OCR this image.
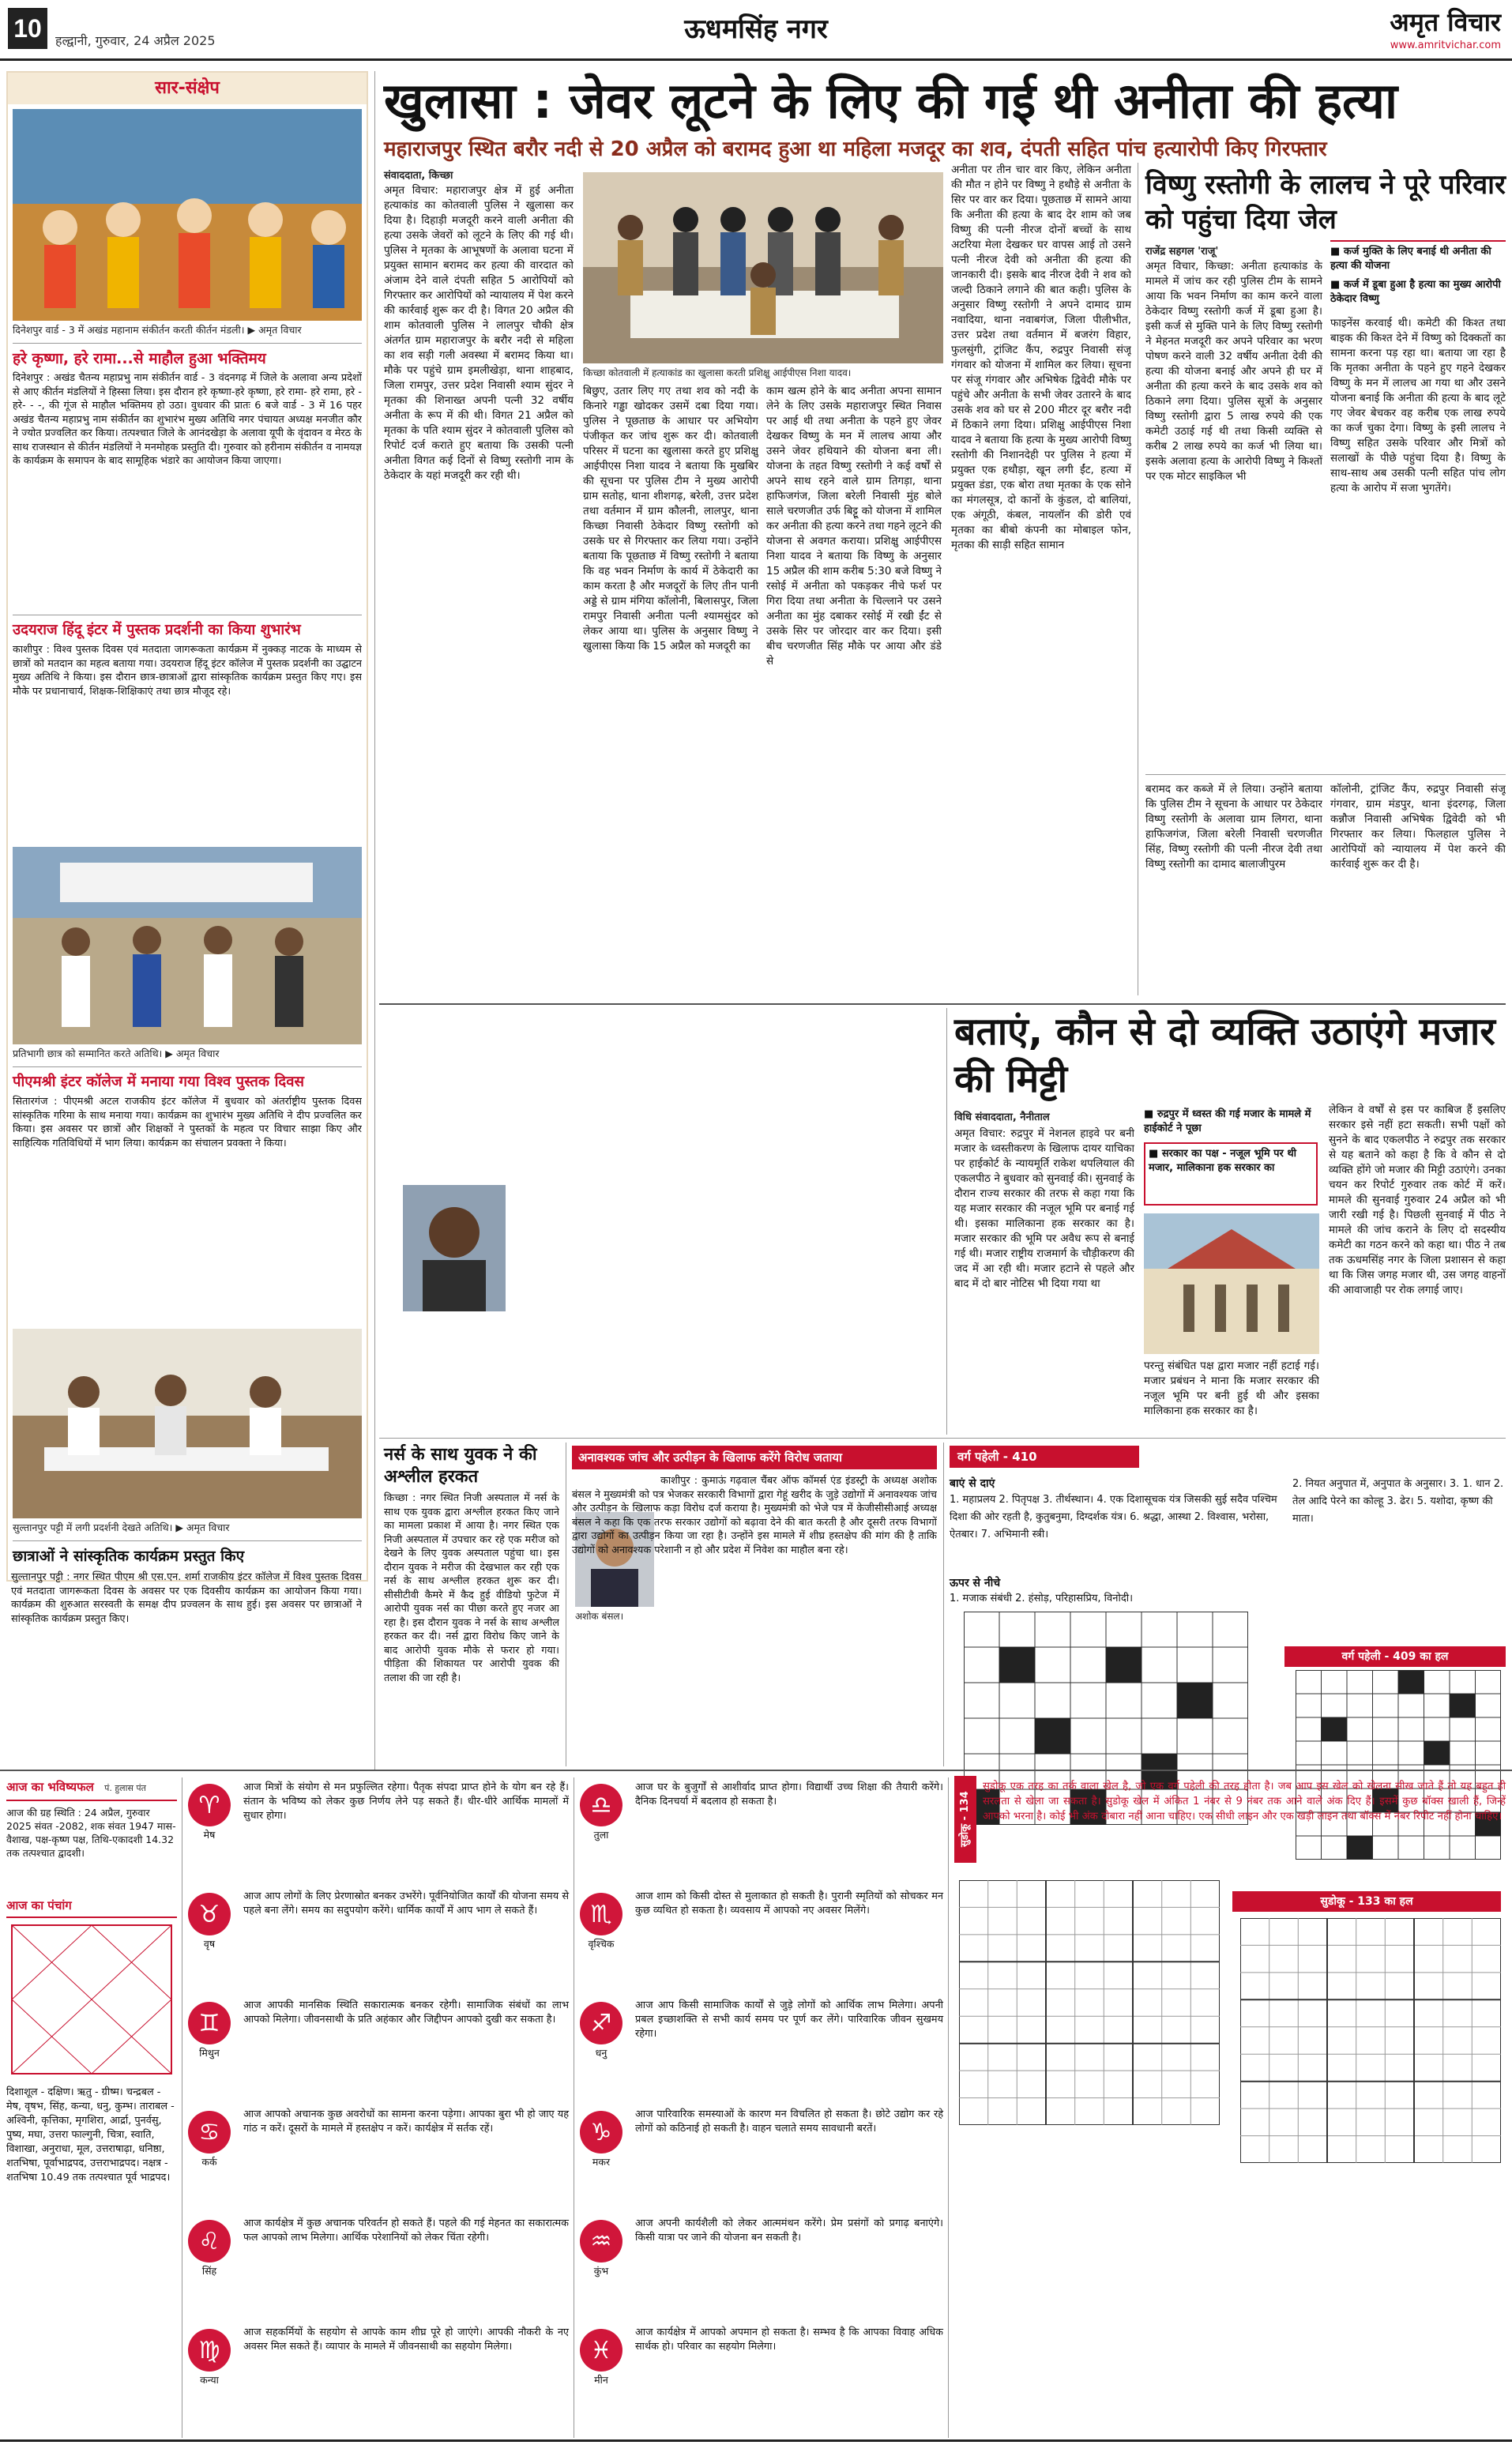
10	हल्द्वानी, गुरुवार, 24 अप्रैल 2025	ऊधमसिंह नगर	अमृत विचार
www.amritvichar.com
सार-संक्षेप
दिनेशपुर वार्ड - 3 में अखंड महानाम संकीर्तन करती कीर्तन मंडली। ▶ अमृत विचार
हरे कृष्णा, हरे रामा...से माहौल हुआ भक्तिमय

दिनेशपुर : अखंड चैतन्य महाप्रभु नाम संकीर्तन वार्ड - 3 वंदनगढ़ में जिले के अलावा अन्य प्रदेशों से आए कीर्तन मंडलियों ने हिस्सा लिया। इस दौरान हरे कृष्णा-हरे कृष्णा, हरे रामा- हरे रामा, हरे - हरे- - -, की गूंज से माहौल भक्तिमय हो उठा। वुधवार की प्रातः 6 बजे वार्ड - 3 में 16 पहर अखंड चैतन्य महाप्रभु नाम संकीर्तन का शुभारंभ मुख्य अतिथि नगर पंचायत अध्यक्ष मनजीत कौर ने ज्योत प्रज्वलित कर किया। तत्पश्चात जिले के आनंदखेड़ा के अलावा यूपी के वृंदावन व मेरठ के साथ राजस्थान से कीर्तन मंडलियों ने मनमोहक प्रस्तुति दी। गुरुवार को हरीनाम संकीर्तन व नामयज्ञ के कार्यक्रम के समापन के बाद सामूहिक भंडारे का आयोजन किया जाएगा।

उदयराज हिंदू इंटर में पुस्तक प्रदर्शनी का किया शुभारंभ

काशीपुर : विश्व पुस्तक दिवस एवं मतदाता जागरूकता कार्यक्रम में नुक्कड़ नाटक के माध्यम से छात्रों को मतदान का महत्व बताया गया। उदयराज हिंदू इंटर कॉलेज में पुस्तक प्रदर्शनी का उद्घाटन मुख्य अतिथि ने किया। इस दौरान छात्र-छात्राओं द्वारा सांस्कृतिक कार्यक्रम प्रस्तुत किए गए। इस मौके पर प्रधानाचार्य, शिक्षक-शिक्षिकाएं तथा छात्र मौजूद रहे।

प्रतिभागी छात्र को सम्मानित करते अतिथि। ▶ अमृत विचार
पीएमश्री इंटर कॉलेज में मनाया गया विश्व पुस्तक दिवस

सितारगंज : पीएमश्री अटल राजकीय इंटर कॉलेज में बुधवार को अंतर्राष्ट्रीय पुस्तक दिवस सांस्कृतिक गरिमा के साथ मनाया गया। कार्यक्रम का शुभारंभ मुख्य अतिथि ने दीप प्रज्वलित कर किया। इस अवसर पर छात्रों और शिक्षकों ने पुस्तकों के महत्व पर विचार साझा किए और साहित्यिक गतिविधियों में भाग लिया। कार्यक्रम का संचालन प्रवक्ता ने किया।

सुल्तानपुर पट्टी में लगी प्रदर्शनी देखते अतिथि। ▶ अमृत विचार
छात्राओं ने सांस्कृतिक कार्यक्रम प्रस्तुत किए

सुल्तानपुर पट्टी : नगर स्थित पीएम श्री एस.एन. शर्मा राजकीय इंटर कॉलेज में विश्व पुस्तक दिवस एवं मतदाता जागरूकता दिवस के अवसर पर एक दिवसीय कार्यक्रम का आयोजन किया गया। कार्यक्रम की शुरुआत सरस्वती के समक्ष दीप प्रज्वलन के साथ हुई। इस अवसर पर छात्राओं ने सांस्कृतिक कार्यक्रम प्रस्तुत किए।

खुलासा : जेवर लूटने के लिए की गई थी अनीता की हत्या
महाराजपुर स्थित बरौर नदी से 20 अप्रैल को बरामद हुआ था महिला मजदूर का शव, दंपती सहित पांच हत्यारोपी किए गिरफ्तार
संवाददाता, किच्छा
किच्छा कोतवाली में हत्याकांड का खुलासा करती प्रशिक्षु आईपीएस निशा यादव।

अमृत विचार: महाराजपुर क्षेत्र में हुई अनीता हत्याकांड का कोतवाली पुलिस ने खुलासा कर दिया है। दिहाड़ी मजदूरी करने वाली अनीता की हत्या उसके जेवरों को लूटने के लिए की गई थी। पुलिस ने मृतका के आभूषणों के अलावा घटना में प्रयुक्त सामान बरामद कर हत्या की वारदात को अंजाम देने वाले दंपती सहित 5 आरोपियों को गिरफ्तार कर आरोपियों को न्यायालय में पेश करने की कार्रवाई शुरू कर दी है। विगत 20 अप्रैल की शाम कोतवाली पुलिस ने लालपुर चौकी क्षेत्र अंतर्गत ग्राम महाराजपुर के बरौर नदी से महिला का शव सड़ी गली अवस्था में बरामद किया था। मौके पर पहुंचे ग्राम इमलीखेड़ा, थाना शाहबाद, जिला रामपुर, उत्तर प्रदेश निवासी श्याम सुंदर ने मृतका की शिनाख्त अपनी पत्नी 32 वर्षीय अनीता के रूप में की थी। विगत 21 अप्रैल को मृतका के पति श्याम सुंदर ने कोतवाली पुलिस को रिपोर्ट दर्ज कराते हुए बताया कि उसकी पत्नी अनीता विगत कई दिनों से विष्णु रस्तोगी नाम के ठेकेदार के यहां मजदूरी कर रही थी।

बिछुए, उतार लिए गए तथा शव को नदी के किनारे गड्ढा खोदकर उसमें दबा दिया गया। पुलिस ने पूछताछ के आधार पर अभियोग पंजीकृत कर जांच शुरू कर दी। कोतवाली परिसर में घटना का खुलासा करते हुए प्रशिक्षु आईपीएस निशा यादव ने बताया कि मुखबिर की सूचना पर पुलिस टीम ने मुख्य आरोपी ग्राम सतोह, थाना शीशगढ़, बरेली, उत्तर प्रदेश तथा वर्तमान में ग्राम कौलनी, लालपुर, थाना किच्छा निवासी ठेकेदार विष्णु रस्तोगी को उसके घर से गिरफ्तार कर लिया गया। उन्होंने बताया कि पूछताछ में विष्णु रस्तोगी ने बताया कि वह भवन निर्माण के कार्य में ठेकेदारी का काम करता है और मजदूरों के लिए तीन पानी अड्डे से ग्राम मंगिया कॉलोनी, बिलासपुर, जिला रामपुर निवासी अनीता पत्नी श्यामसुंदर को लेकर आया था। पुलिस के अनुसार विष्णु ने खुलासा किया कि 15 अप्रैल को मजदूरी का

काम खत्म होने के बाद अनीता अपना सामान लेने के लिए उसके महाराजपुर स्थित निवास पर आई थी तथा अनीता के पहने हुए जेवर देखकर विष्णु के मन में लालच आया और उसने जेवर हथियाने की योजना बना ली। योजना के तहत विष्णु रस्तोगी ने कई वर्षों से अपने साथ रहने वाले ग्राम तिगड़ा, थाना हाफिजगंज, जिला बरेली निवासी मुंह बोले साले चरणजीत उर्फ बिट्टू को योजना में शामिल कर अनीता की हत्या करने तथा गहने लूटने की योजना से अवगत कराया। प्रशिक्षु आईपीएस निशा यादव ने बताया कि विष्णु के अनुसार 15 अप्रैल की शाम करीब 5:30 बजे विष्णु ने रसोई में अनीता को पकड़कर नीचे फर्श पर गिरा दिया तथा अनीता के चिल्लाने पर उसने अनीता का मुंह दबाकर रसोई में रखी ईंट से उसके सिर पर जोरदार वार कर दिया। इसी बीच चरणजीत सिंह मौके पर आया और डंडे से

अनीता पर तीन चार वार किए, लेकिन अनीता की मौत न होने पर विष्णु ने हथौड़े से अनीता के सिर पर वार कर दिया। पूछताछ में सामने आया कि अनीता की हत्या के बाद देर शाम को जब विष्णु की पत्नी नीरज दोनों बच्चों के साथ अटरिया मेला देखकर घर वापस आई तो उसने पत्नी नीरज देवी को अनीता की हत्या की जानकारी दी। इसके बाद नीरज देवी ने शव को जल्दी ठिकाने लगाने की बात कही। पुलिस के अनुसार विष्णु रस्तोगी ने अपने दामाद ग्राम नवादिया, थाना नवाबगंज, जिला पीलीभीत, उत्तर प्रदेश तथा वर्तमान में बजरंग विहार, फुलसुंगी, ट्रांजिट कैंप, रुद्रपुर निवासी संजू गंगवार को योजना में शामिल कर लिया। सूचना पर संजू गंगवार और अभिषेक द्विवेदी मौके पर पहुंचे और अनीता के सभी जेवर उतारने के बाद उसके शव को घर से 200 मीटर दूर बरौर नदी में ठिकाने लगा दिया। प्रशिक्षु आईपीएस निशा यादव ने बताया कि हत्या के मुख्य आरोपी विष्णु रस्तोगी की निशानदेही पर पुलिस ने हत्या में प्रयुक्त एक हथौड़ा, खून लगी ईंट, हत्या में प्रयुक्त डंडा, एक बोरा तथा मृतका के एक सोने का मंगलसूत्र, दो कानों के कुंडल, दो बालियां, एक अंगूठी, कंबल, नायलॉन की डोरी एवं मृतका का बीबो कंपनी का मोबाइल फोन, मृतका की साड़ी सहित सामान

विष्णु रस्तोगी के लालच ने पूरे परिवार को पहुंचा दिया जेल
राजेंद्र सहगल 'राजू'	■ कर्ज मुक्ति के लिए बनाई थी अनीता की हत्या की योजना
■ कर्ज में डूबा हुआ है हत्या का मुख्य आरोपी ठेकेदार विष्णु

अमृत विचार, किच्छा: अनीता हत्याकांड के मामले में जांच कर रही पुलिस टीम के सामने आया कि भवन निर्माण का काम करने वाला ठेकेदार विष्णु रस्तोगी कर्ज में डूबा हुआ है। इसी कर्ज से मुक्ति पाने के लिए विष्णु रस्तोगी ने मेहनत मजदूरी कर अपने परिवार का भरण पोषण करने वाली 32 वर्षीय अनीता देवी की हत्या की योजना बनाई और अपने ही घर में अनीता की हत्या करने के बाद उसके शव को ठिकाने लगा दिया। पुलिस सूत्रों के अनुसार विष्णु रस्तोगी द्वारा 5 लाख रुपये की एक कमेटी उठाई गई थी तथा किसी व्यक्ति से करीब 2 लाख रुपये का कर्ज भी लिया था। इसके अलावा हत्या के आरोपी विष्णु ने किश्तों पर एक मोटर साइकिल भी

फाइनेंस करवाई थी। कमेटी की किश्त तथा बाइक की किश्त देने में विष्णु को दिक्कतों का सामना करना पड़ रहा था। बताया जा रहा है कि मृतका अनीता के पहने हुए गहने देखकर विष्णु के मन में लालच आ गया था और उसने योजना बनाई कि अनीता की हत्या के बाद लूटे गए जेवर बेचकर वह करीब एक लाख रुपये का कर्ज चुका देगा। विष्णु के इसी लालच ने विष्णु सहित उसके परिवार और मित्रों को सलाखों के पीछे पहुंचा दिया है। विष्णु के साथ-साथ अब उसकी पत्नी सहित पांच लोग हत्या के आरोप में सजा भुगतेंगे।

बरामद कर कब्जे में ले लिया। उन्होंने बताया कि पुलिस टीम ने सूचना के आधार पर ठेकेदार विष्णु रस्तोगी के अलावा ग्राम लिगरा, थाना हाफिजगंज, जिला बरेली निवासी चरणजीत सिंह, विष्णु रस्तोगी की पत्नी नीरज देवी तथा विष्णु रस्तोगी का दामाद बालाजीपुरम

कॉलोनी, ट्रांजिट कैंप, रुद्रपुर निवासी संजू गंगवार, ग्राम मंडपुर, थाना इंदरगढ़, जिला कन्नौज निवासी अभिषेक द्विवेदी को भी गिरफ्तार कर लिया। फिलहाल पुलिस ने आरोपियों को न्यायालय में पेश करने की कार्रवाई शुरू कर दी है।

बताएं, कौन से दो व्यक्ति उठाएंगे मजार की मिट्टी
विधि संवाददाता, नैनीताल	■ रुद्रपुर में ध्वस्त की गई मजार के मामले में हाईकोर्ट ने पूछा
■ सरकार का पक्ष - नजूल भूमि पर थी मजार, मालिकाना हक सरकार का

अमृत विचार: रुद्रपुर में नेशनल हाइवे पर बनी मजार के ध्वस्तीकरण के खिलाफ दायर याचिका पर हाईकोर्ट के न्यायमूर्ति राकेश थपलियाल की एकलपीठ ने बुधवार को सुनवाई की। सुनवाई के दौरान राज्य सरकार की तरफ से कहा गया कि यह मजार सरकार की नजूल भूमि पर बनाई गई थी। इसका मालिकाना हक सरकार का है। मजार सरकार की भूमि पर अवैध रूप से बनाई गई थी। मजार राष्ट्रीय राजमार्ग के चौड़ीकरण की जद में आ रही थी। मजार हटाने से पहले और बाद में दो बार नोटिस भी दिया गया था

परन्तु संबंधित पक्ष द्वारा मजार नहीं हटाई गई। मजार प्रबंधन ने माना कि मजार सरकार की नजूल भूमि पर बनी हुई थी और इसका मालिकाना हक सरकार का है।

लेकिन वे वर्षों से इस पर काबिज हैं इसलिए सरकार इसे नहीं हटा सकती। सभी पक्षों को सुनने के बाद एकलपीठ ने रुद्रपुर तक सरकार से यह बताने को कहा है कि वे कौन से दो व्यक्ति होंगे जो मजार की मिट्टी उठाएंगे। उनका चयन कर रिपोर्ट गुरुवार तक कोर्ट में करें। मामले की सुनवाई गुरुवार 24 अप्रैल को भी जारी रखी गई है। पिछली सुनवाई में पीठ ने मामले की जांच कराने के लिए दो सदस्यीय कमेटी का गठन करने को कहा था। पीठ ने तब तक ऊधमसिंह नगर के जिला प्रशासन से कहा था कि जिस जगह मजार थी, उस जगह वाहनों की आवाजाही पर रोक लगाई जाए।

नर्स के साथ युवक ने की अश्लील हरकत

किच्छा : नगर स्थित निजी अस्पताल में नर्स के साथ एक युवक द्वारा अश्लील हरकत किए जाने का मामला प्रकाश में आया है। नगर स्थित एक निजी अस्पताल में उपचार कर रहे एक मरीज को देखने के लिए युवक अस्पताल पहुंचा था। इस दौरान युवक ने मरीज की देखभाल कर रही एक नर्स के साथ अश्लील हरकत शुरू कर दी। सीसीटीवी कैमरे में कैद हुई वीडियो फुटेज में आरोपी युवक नर्स का पीछा करते हुए नजर आ रहा है। इस दौरान युवक ने नर्स के साथ अश्लील हरकत कर दी। नर्स द्वारा विरोध किए जाने के बाद आरोपी युवक मौके से फरार हो गया। पीड़िता की शिकायत पर आरोपी युवक की तलाश की जा रही है।

अनावश्यक जांच और उत्पीड़न के खिलाफ करेंगे विरोध जताया
अशोक बंसल।

काशीपुर : कुमाऊं गढ़वाल चैंबर ऑफ कॉमर्स एंड इंडस्ट्री के अध्यक्ष अशोक बंसल ने मुख्यमंत्री को पत्र भेजकर सरकारी विभागों द्वारा गेहूं खरीद के जुड़े उद्योगों में अनावश्यक जांच और उत्पीड़न के खिलाफ कड़ा विरोध दर्ज कराया है। मुख्यमंत्री को भेजे पत्र में केजीसीसीआई अध्यक्ष बंसल ने कहा कि एक तरफ सरकार उद्योगों को बढ़ावा देने की बात करती है और दूसरी तरफ विभागों द्वारा उद्योगों का उत्पीड़न किया जा रहा है। उन्होंने इस मामले में शीघ्र हस्तक्षेप की मांग की है ताकि उद्योगों को अनावश्यक परेशानी न हो और प्रदेश में निवेश का माहौल बना रहे।

वर्ग पहेली - 410
बाएं से दाएं

1. महाप्रलय 2. पितृपक्ष 3. तीर्थस्थान। 4. एक दिशासूचक यंत्र जिसकी सुई सदैव पश्चिम दिशा की ओर रहती है, कुतुबनुमा, दिग्दर्शक यंत्र। 6. श्रद्धा, आस्था 2. विश्वास, भरोसा, ऐतबार। 7. अभिमानी स्त्री।

ऊपर से नीचे

1. मजाक संबंधी 2. हंसोड़, परिहासप्रिय, विनोदी।

2. नियत अनुपात में, अनुपात के अनुसार। 3. 1. धान 2. तेल आदि पेरने का कोल्हू 3. ढेर। 5. यशोदा, कृष्ण की माता।

वर्ग पहेली - 409 का हल
आज का भविष्यफल पं. हुलास पंत

आज की ग्रह स्थिति : 24 अप्रैल, गुरुवार 2025 संवत -2082, शक संवत 1947 मास- वैशाख, पक्ष-कृष्ण पक्ष, तिथि-एकादशी 14.32 तक तत्पश्चात द्वादशी।

आज का पंचांग

दिशाशूल - दक्षिण। ऋतु - ग्रीष्म। चन्द्रबल - मेष, वृषभ, सिंह, कन्या, धनु, कुम्भ। ताराबल - अश्विनी, कृत्तिका, मृगशिरा, आर्द्रा, पुनर्वसु, पुष्य, मघा, उत्तरा फाल्गुनी, चित्रा, स्वाति, विशाखा, अनुराधा, मूल, उत्तराषाढ़ा, धनिष्ठा, शतभिषा, पूर्वाभाद्रपद, उत्तराभाद्रपद। नक्षत्र - शतभिषा 10.49 तक तत्पश्चात पूर्व भाद्रपद।

♈
मेष

आज मित्रों के संयोग से मन प्रफुल्लित रहेगा। पैतृक संपदा प्राप्त होने के योग बन रहे हैं। संतान के भविष्य को लेकर कुछ निर्णय लेने पड़ सकते हैं। धीर-धीरे आर्थिक मामलों में सुधार होगा।

♉
वृष

आज आप लोगों के लिए प्रेरणास्रोत बनकर उभरेंगे। पूर्वनियोजित कार्यों की योजना समय से पहले बना लेंगे। समय का सदुपयोग करेंगे। धार्मिक कार्यों में आप भाग ले सकते हैं।

♊
मिथुन

आज आपकी मानसिक स्थिति सकारात्मक बनकर रहेगी। सामाजिक संबंधों का लाभ आपको मिलेगा। जीवनसाथी के प्रति अहंकार और जिद्दीपन आपको दुखी कर सकता है।

♋
कर्क

आज आपको अचानक कुछ अवरोधों का सामना करना पड़ेगा। आपका बुरा भी हो जाए यह गांठ न करें। दूसरों के मामले में हस्तक्षेप न करें। कार्यक्षेत्र में सर्तक रहें।

♌
सिंह

आज कार्यक्षेत्र में कुछ अचानक परिवर्तन हो सकते हैं। पहले की गई मेहनत का सकारात्मक फल आपको लाभ मिलेगा। आर्थिक परेशानियों को लेकर चिंता रहेगी।

♍
कन्या

आज सहकर्मियों के सहयोग से आपके काम शीघ्र पूरे हो जाएंगे। आपकी नौकरी के नए अवसर मिल सकते हैं। व्यापार के मामले में जीवनसाथी का सहयोग मिलेगा।

♎
तुला

आज घर के बुजुर्गों से आशीर्वाद प्राप्त होगा। विद्यार्थी उच्च शिक्षा की तैयारी करेंगे। दैनिक दिनचर्या में बदलाव हो सकता है।

♏
वृश्चिक

आज शाम को किसी दोस्त से मुलाकात हो सकती है। पुरानी स्मृतियों को सोचकर मन कुछ व्यथित हो सकता है। व्यवसाय में आपको नए अवसर मिलेंगे।

♐
धनु

आज आप किसी सामाजिक कार्यों से जुड़े लोगों को आर्थिक लाभ मिलेगा। अपनी प्रबल इच्छाशक्ति से सभी कार्य समय पर पूर्ण कर लेंगे। पारिवारिक जीवन सुखमय रहेगा।

♑
मकर

आज पारिवारिक समस्याओं के कारण मन विचलित हो सकता है। छोटे उद्योग कर रहे लोगों को कठिनाई हो सकती है। वाहन चलाते समय सावधानी बरतें।

♒
कुंभ

आज अपनी कार्यशैली को लेकर आत्ममंथन करेंगे। प्रेम प्रसंगों को प्रगाढ़ बनाएंगे। किसी यात्रा पर जाने की योजना बन सकती है।

♓
मीन

आज कार्यक्षेत्र में आपको अपमान हो सकता है। सम्भव है कि आपका विवाह अधिक सार्थक हो। परिवार का सहयोग मिलेगा।

सुडोकू - 134

सुडोकू एक तरह का तर्क वाला खेल है, जो एक वर्ग पहेली की तरह होता है। जब आप इस खेल को खेलना सीख जाते हैं तो यह बहुत ही सरलता से खेला जा सकता है। सुडोकू खेल में अंकित 1 नंबर से 9 नंबर तक आने वाले अंक दिए हैं। इसमें कुछ बॉक्स खाली हैं, जिन्हें आपको भरना है। कोई भी अंक दोबारा नहीं आना चाहिए। एक सीधी लाइन और एक खड़ी लाइन तथा बॉक्स में नंबर रिपीट नहीं होना चाहिए।

सुडोकू - 133 का हल
